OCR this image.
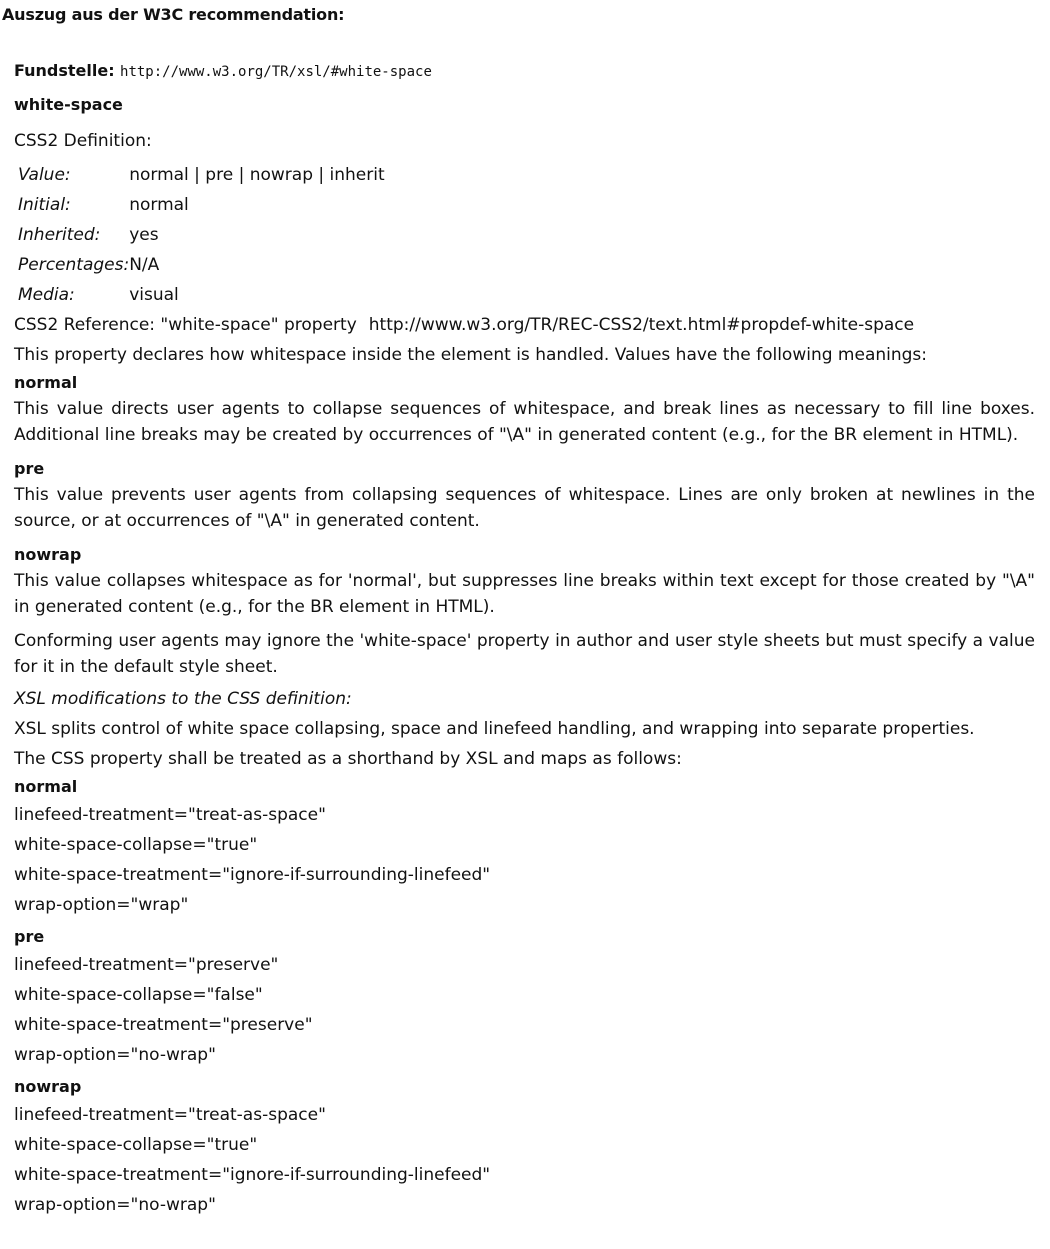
Auszug aus der W3C recommendation:
Fundstelle: http://www.w3.org/TR/xsl/#white-space
white-space
CSS2 Definition:
Value:	normal | pre | nowrap | inherit
Initial:	normal
Inherited:	yes
Percentages:	N/A
Media:	visual
CSS2 Reference: "white-space" property http://www.w3.org/TR/REC-CSS2/text.html#propdef-white-space
This property declares how whitespace inside the element is handled. Values have the following meanings:
normal
This value directs user agents to collapse sequences of whitespace, and break lines as necessary to fill line boxes. Additional line breaks may be created by occurrences of "\A" in generated content (e.g., for the BR element in HTML).
pre
This value prevents user agents from collapsing sequences of whitespace. Lines are only broken at newlines in the source, or at occurrences of "\A" in generated content.
nowrap
This value collapses whitespace as for 'normal', but suppresses line breaks within text except for those created by "\A" in generated content (e.g., for the BR element in HTML).
Conforming user agents may ignore the 'white-space' property in author and user style sheets but must specify a value for it in the default style sheet.
XSL modifications to the CSS definition:
XSL splits control of white space collapsing, space and linefeed handling, and wrapping into separate properties.
The CSS property shall be treated as a shorthand by XSL and maps as follows:
normal
linefeed-treatment="treat-as-space"
white-space-collapse="true"
white-space-treatment="ignore-if-surrounding-linefeed"
wrap-option="wrap"
pre
linefeed-treatment="preserve"
white-space-collapse="false"
white-space-treatment="preserve"
wrap-option="no-wrap"
nowrap
linefeed-treatment="treat-as-space"
white-space-collapse="true"
white-space-treatment="ignore-if-surrounding-linefeed"
wrap-option="no-wrap"
